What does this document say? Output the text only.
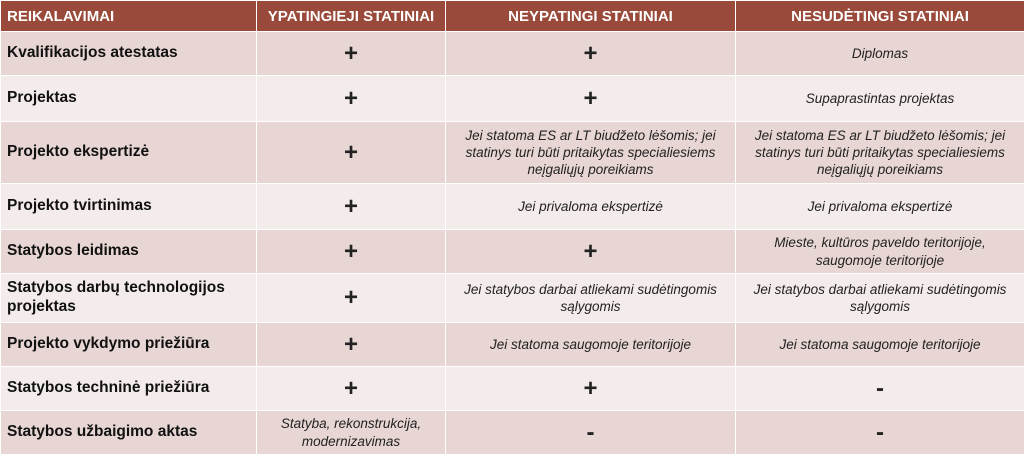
REIKALAVIMAI	YPATINGIEJI STATINIAI	NEYPATINGI STATINIAI	NESUDĖTINGI STATINIAI
Kvalifikacijos atestatas	+	+	Diplomas
Projektas	+	+	Supaprastintas projektas
Projekto ekspertizė	+	Jei statoma ES ar LT biudžeto lėšomis; jei statinys turi būti pritaikytas specialiesiems neįgaliųjų poreikiams	Jei statoma ES ar LT biudžeto lėšomis; jei statinys turi būti pritaikytas specialiesiems neįgaliųjų poreikiams
Projekto tvirtinimas	+	Jei privaloma ekspertizė	Jei privaloma ekspertizė
Statybos leidimas	+	+	Mieste, kultūros paveldo teritorijoje, saugomoje teritorijoje
Statybos darbų technologijos projektas	+	Jei statybos darbai atliekami sudėtingomis sąlygomis	Jei statybos darbai atliekami sudėtingomis sąlygomis
Projekto vykdymo priežiūra	+	Jei statoma saugomoje teritorijoje	Jei statoma saugomoje teritorijoje
Statybos techninė priežiūra	+	+	-
Statybos užbaigimo aktas	Statyba, rekonstrukcija, modernizavimas	-	-
